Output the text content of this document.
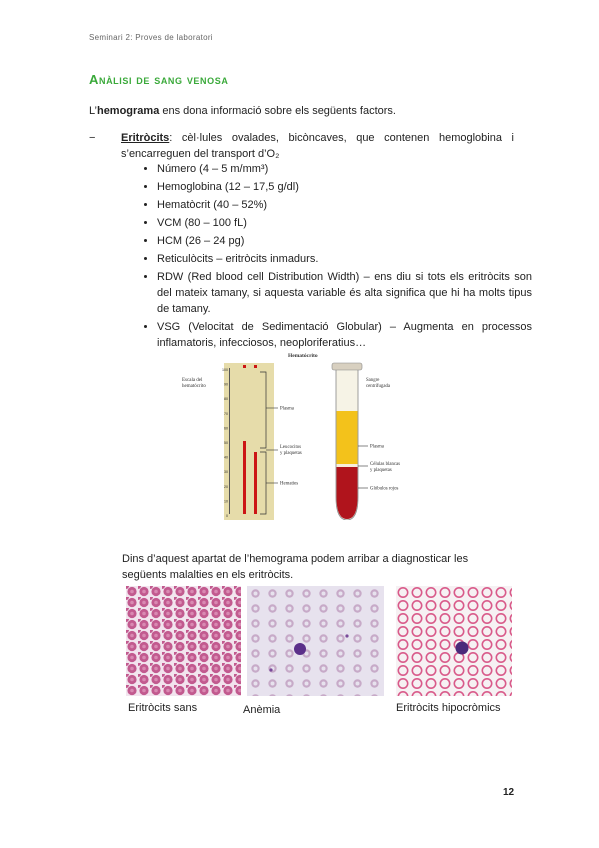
Seminari 2: Proves de laboratori
Anàlisi de sang venosa
L’hemograma ens dona informació sobre els següents factors.
− Eritròcits: cèl·lules ovalades, bicòncaves, que contenen hemoglobina i s’encarreguen del transport d’O₂
• Número (4 – 5 m/mm³)
• Hemoglobina (12 – 17,5 g/dl)
• Hematòcrit (40 – 52%)
• VCM (80 – 100 fL)
• HCM (26 – 24 pg)
• Reticulòcits – eritròcits inmadurs.
• RDW (Red blood cell Distribution Width) – ens diu si tots els eritròcits son del mateix tamany, si aquesta variable és alta significa que hi ha molts tipus de tamany.
• VSG (Velocitat de Sedimentació Globular) – Augmenta en processos inflamatoris, infecciosos, neoploriferatius…
Hematócrito
Escala del
hematócrito
100
90
80
70
60
50
40
30
20
10
0
Plasma
Leucocitos
y plaquetas
Hematíes
Sangre
centrifugada
Plasma
Células blancas
y plaquetas
Glóbulos rojos
Dins d’aquest apartat de l’hemograma podem arribar a diagnosticar les següents malalties en els eritròcits.
Eritròcits sans	Anèmia	Eritròcits hipocròmics
12
